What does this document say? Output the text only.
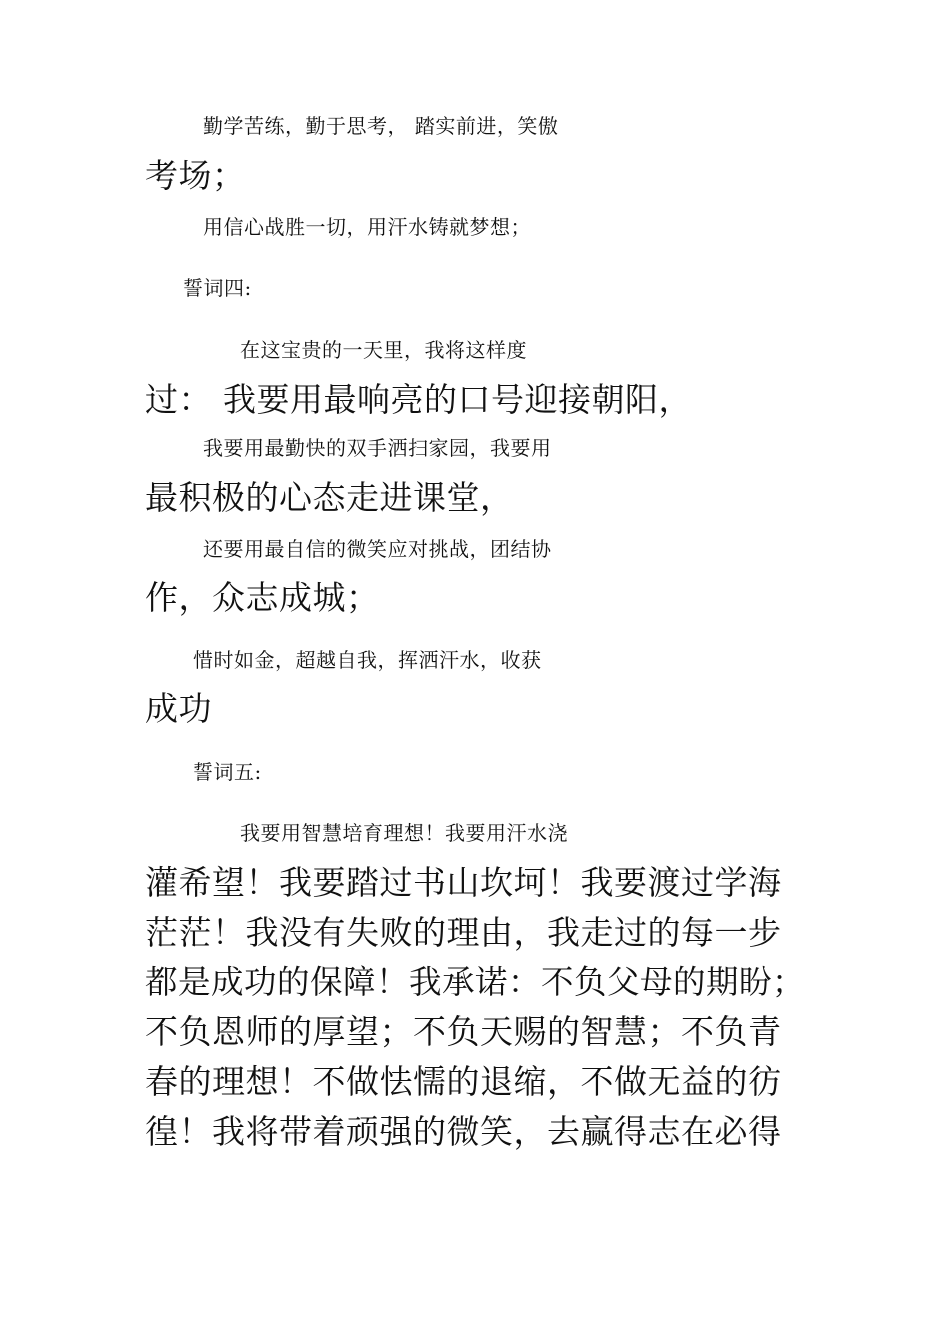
勤学苦练，勤于思考， 踏实前进，笑傲
考场；
用信心战胜一切，用汗水铸就梦想；
誓词四:
在这宝贵的一天里，我将这样度
过： 我要用最响亮的口号迎接朝阳，
我要用最勤快的双手洒扫家园，我要用
最积极的心态走进课堂，
还要用最自信的微笑应对挑战，团结协
作，众志成城；
惜时如金，超越自我，挥洒汗水，收获
成功
誓词五:
我要用智慧培育理想！我要用汗水浇
灌希望！我要踏过书山坎坷！我要渡过学海
茫茫！我没有失败的理由，我走过的每一步
都是成功的保障！我承诺：不负父母的期盼；
不负恩师的厚望；不负天赐的智慧；不负青
春的理想！不做怯懦的退缩，不做无益的彷
徨！我将带着顽强的微笑，去赢得志在必得
